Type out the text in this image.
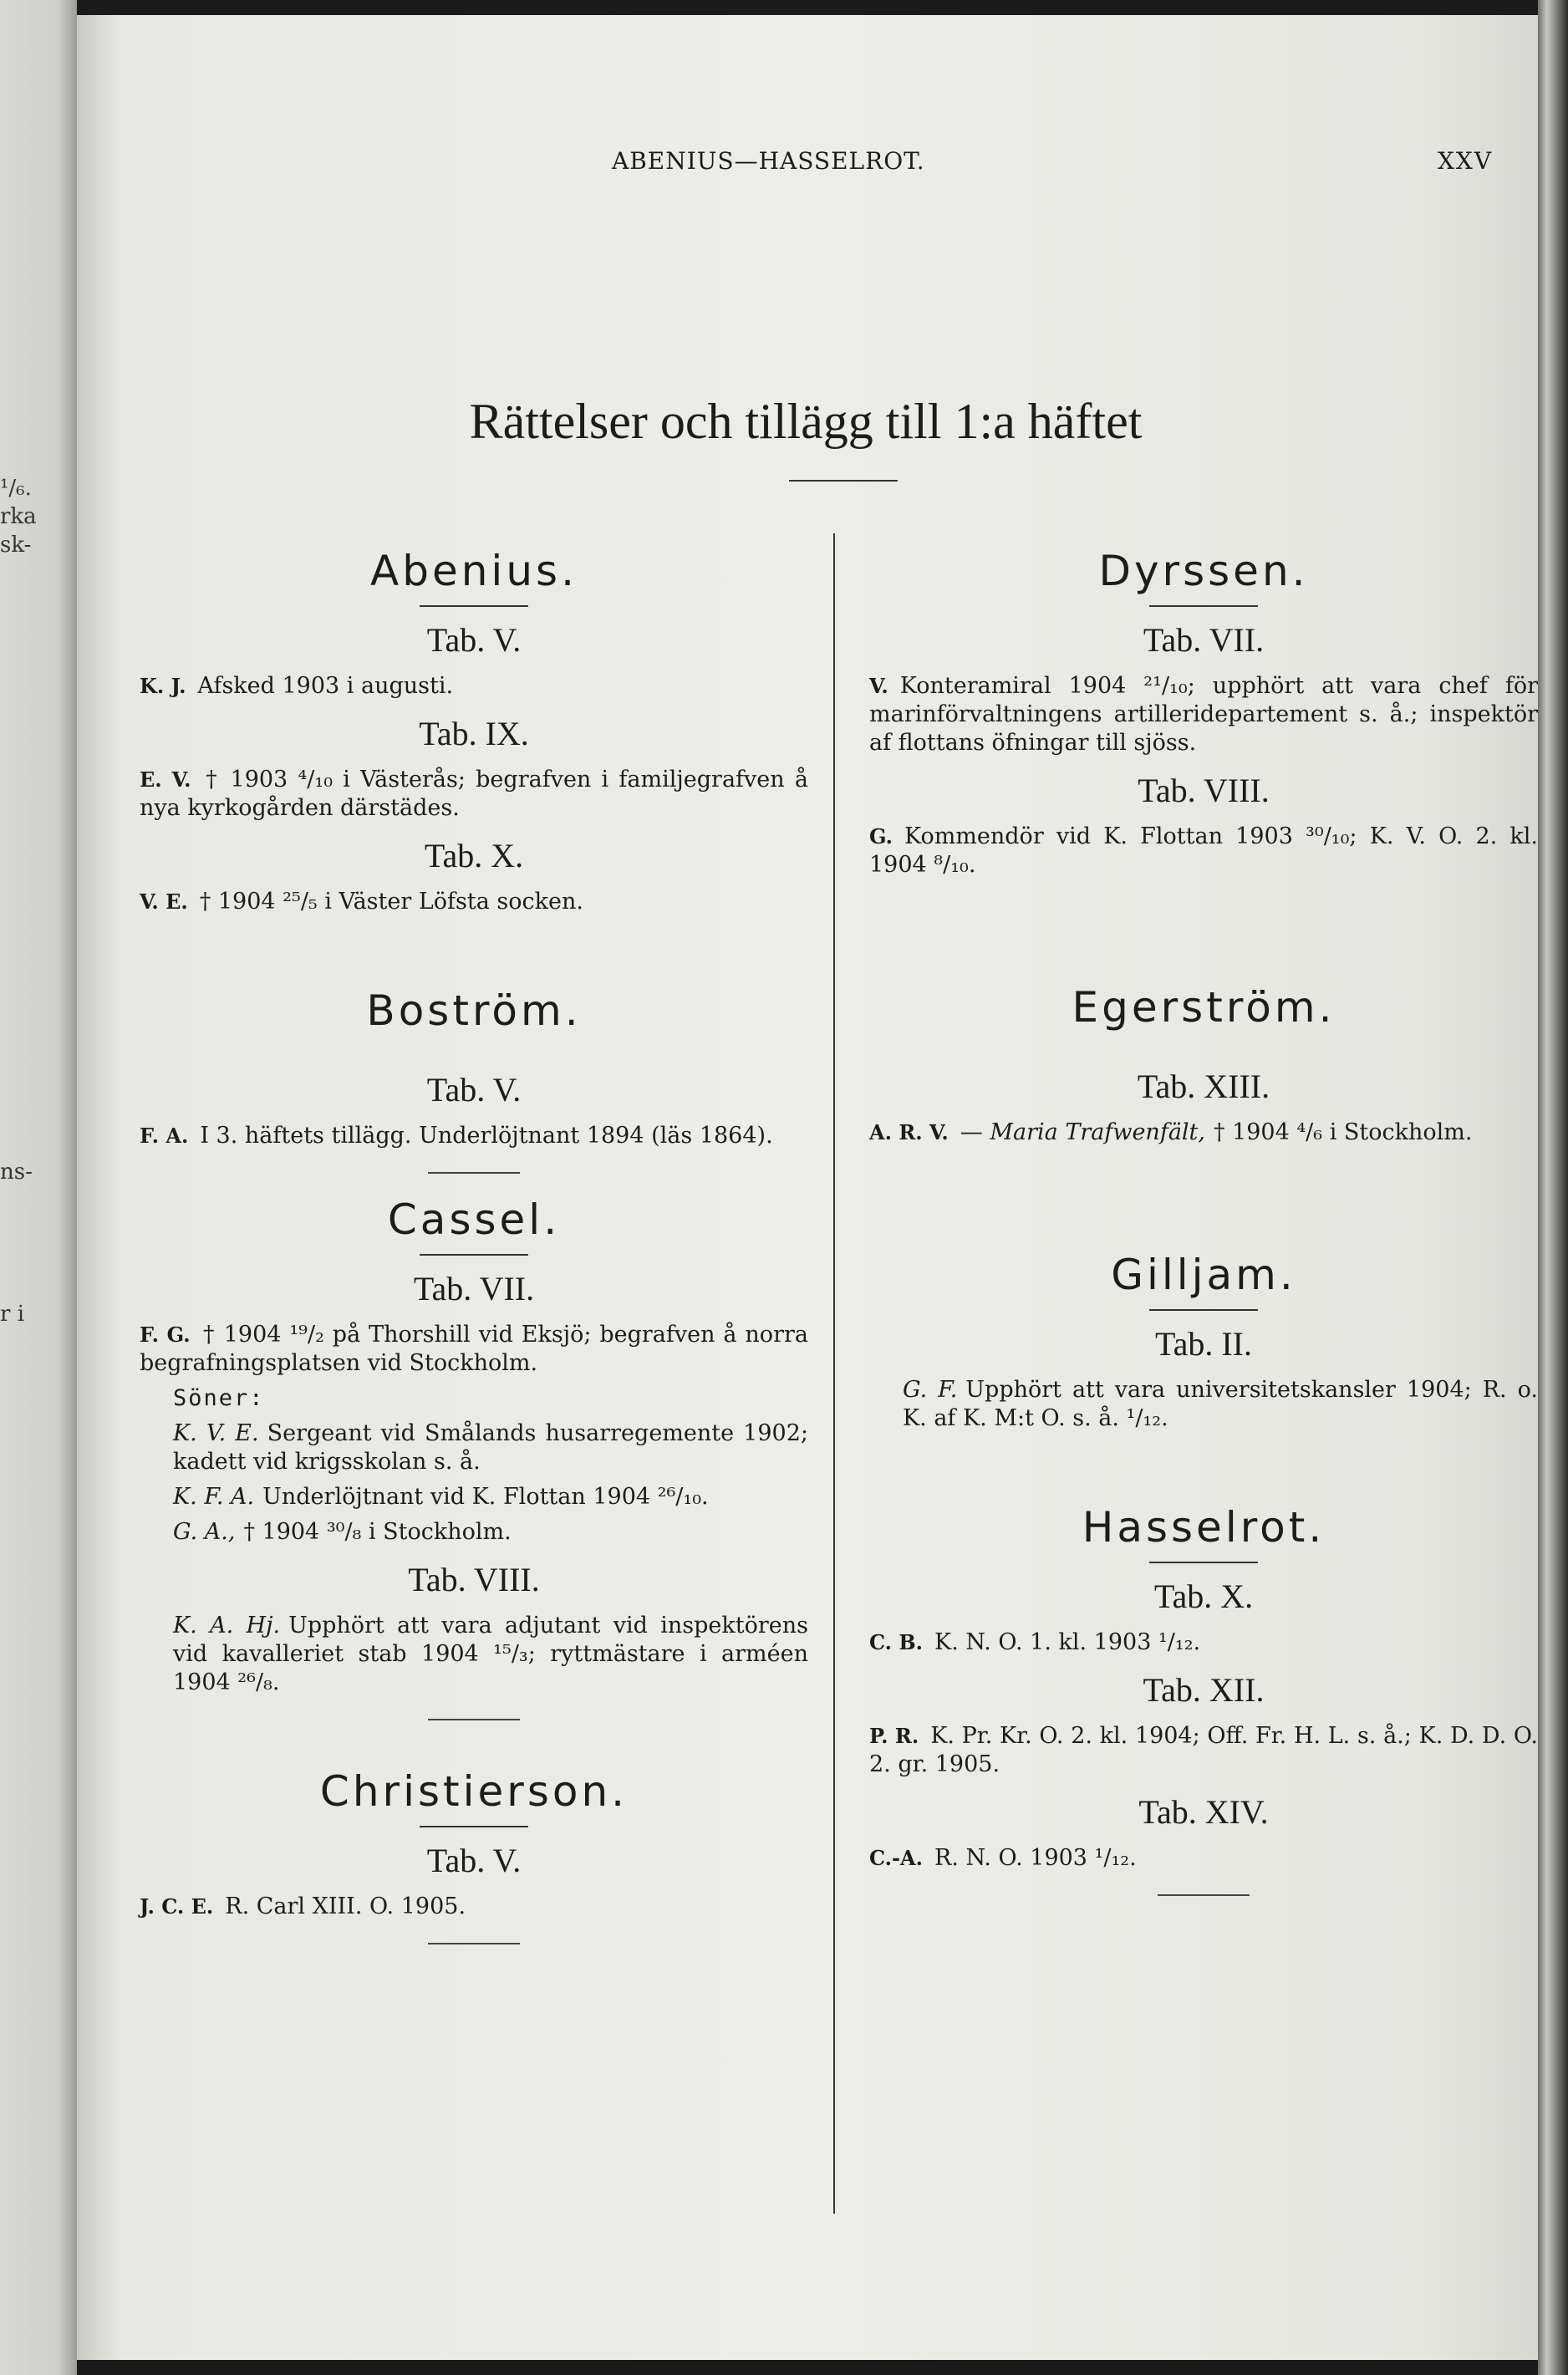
¹/₆.
rka
sk-
ns-
r i
ABENIUS—HASSELROT.	XXV
Rättelser och tillägg till 1:a häftet
Abenius .
Tab. V.
K. J. Afsked 1903 i augusti.
Tab. IX.
E. V. † 1903 ⁴/₁₀ i Västerås; begrafven i familjegrafven å nya kyrkogården därstädes.
Tab. X.
V. E. † 1904 ²⁵/₅ i Väster Löfsta socken.
Boström .
Tab. V.
F. A. I 3. häftets tillägg. Underlöjtnant 1894 (läs 1864).
Cassel .
Tab. VII.
F. G. † 1904 ¹⁹/₂ på Thorshill vid Eksjö; begrafven å norra begrafningsplatsen vid Stockholm.
Söner:
K. V. E. Sergeant vid Smålands husarregemente 1902; kadett vid krigsskolan s. å.
K. F. A. Underlöjtnant vid K. Flottan 1904 ²⁶/₁₀.
G. A., † 1904 ³⁰/₈ i Stockholm.
Tab. VIII.
K. A. Hj. Upphört att vara adjutant vid inspektörens vid kavalleriet stab 1904 ¹⁵/₃; ryttmästare i arméen 1904 ²⁶/₈.
Christierson .
Tab. V.
J. C. E. R. Carl XIII. O. 1905.
Dyrssen .
Tab. VII.
V. Konteramiral 1904 ²¹/₁₀; upphört att vara chef för marinförvaltningens artilleridepartement s. å.; inspektör af flottans öfningar till sjöss.
Tab. VIII.
G. Kommendör vid K. Flottan 1903 ³⁰/₁₀; K. V. O. 2. kl. 1904 ⁸/₁₀.
Egerström .
Tab. XIII.
A. R. V. — Maria Trafwenfält, † 1904 ⁴/₆ i Stockholm.
Gilljam .
Tab. II.
G. F. Upphört att vara universitetskansler 1904; R. o. K. af K. M:t O. s. å. ¹/₁₂.
Hasselrot .
Tab. X.
C. B. K. N. O. 1. kl. 1903 ¹/₁₂.
Tab. XII.
P. R. K. Pr. Kr. O. 2. kl. 1904; Off. Fr. H. L. s. å.; K. D. D. O. 2. gr. 1905.
Tab. XIV.
C.-A. R. N. O. 1903 ¹/₁₂.
